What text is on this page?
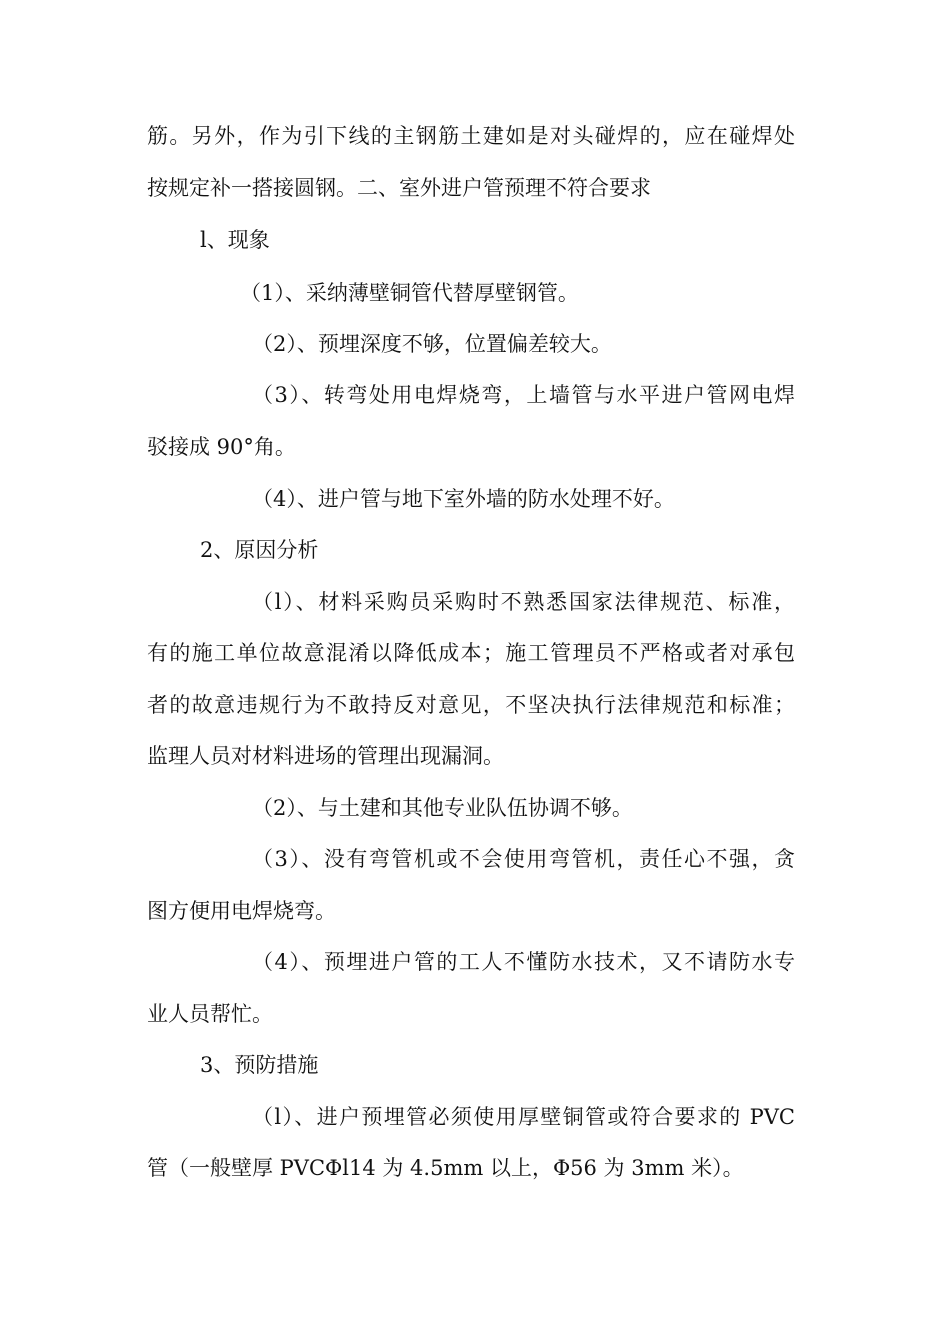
筋。另外，作为引下线的主钢筋土建如是对头碰焊的，应在碰焊处
按规定补一搭接圆钢。二、室外进户管预理不符合要求
l、现象
（1）、采纳薄壁铜管代替厚壁钢管。
（2）、预埋深度不够，位置偏差较大。
（3）、转弯处用电焊烧弯，上墙管与水平进户管网电焊
驳接成 90°角。
（4）、进户管与地下室外墙的防水处理不好。
2、原因分析
（l）、材料采购员采购时不熟悉国家法律规范、标准，
有的施工单位故意混淆以降低成本；施工管理员不严格或者对承包
者的故意违规行为不敢持反对意见，不坚决执行法律规范和标准；
监理人员对材料进场的管理出现漏洞。
（2）、与土建和其他专业队伍协调不够。
（3）、没有弯管机或不会使用弯管机，责任心不强，贪
图方便用电焊烧弯。
（4）、预埋进户管的工人不懂防水技术，又不请防水专
业人员帮忙。
3、预防措施
（l）、进户预埋管必须使用厚壁铜管或符合要求的 PVC
管（一般壁厚 PVCΦl14 为 4.5mm 以上，Φ56 为 3mm 米）。
